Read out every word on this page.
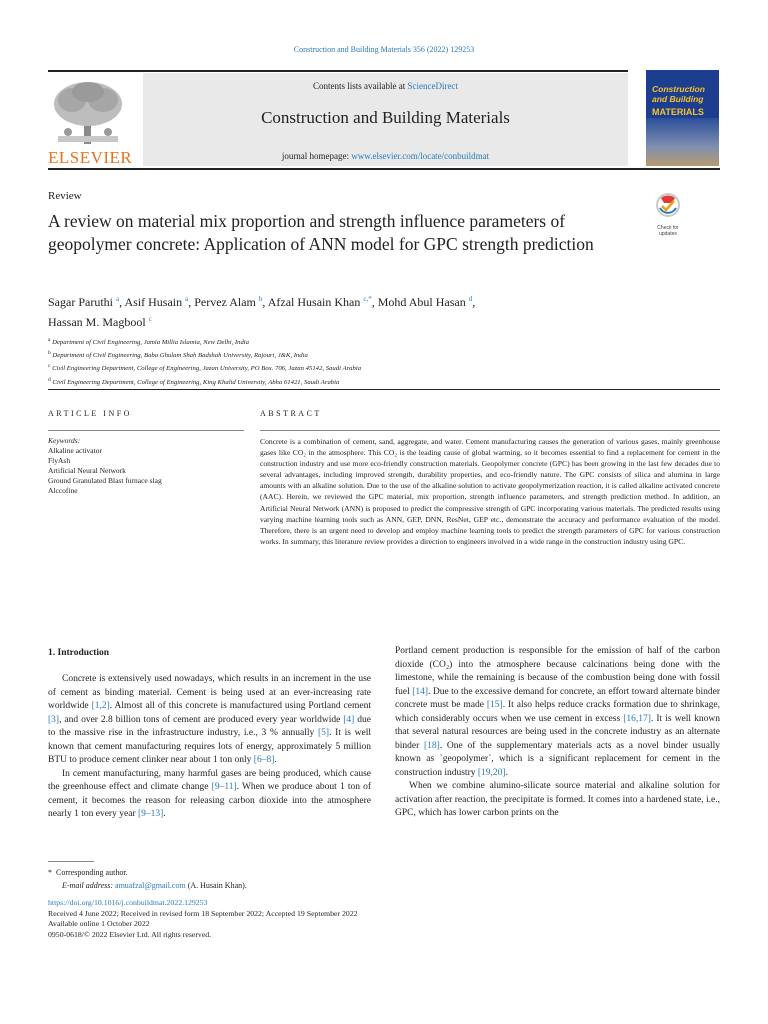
Construction and Building Materials 356 (2022) 129253
ELSEVIER
Contents lists available at ScienceDirect
Construction and Building Materials
journal homepage: www.elsevier.com/locate/conbuildmat
Construction
and Building
MATERIALS
Review
Check for
updates
A review on material mix proportion and strength influence parameters of geopolymer concrete: Application of ANN model for GPC strength prediction
Sagar Paruthi $^a$, Asif Husain $^a$, Pervez Alam $^b$, Afzal Husain Khan $^{c,*}$, Mohd Abul Hasan $^d$,
Hassan M. Magbool $^c$
$^a$ Department of Civil Engineering, Jamia Millia Islamia, New Delhi, India
$^b$ Department of Civil Engineering, Baba Ghulam Shah Badshah University, Rajouri, J&K, India
$^c$ Civil Engineering Department, College of Engineering, Jazan University, PO Box. 706, Jazan 45142, Saudi Arabia
$^d$ Civil Engineering Department, College of Engineering, King Khalid University, Abha 61421, Saudi Arabia
ARTICLE INFO	ABSTRACT
Keywords:
Alkaline activator
FlyAsh
Artificial Neural Network
Ground Granulated Blast furnace slag
Alccofine
Concrete is a combination of cement, sand, aggregate, and water. Cement manufacturing causes the generation of various gases, mainly greenhouse gases like CO₂ in the atmosphere. This CO₂ is the leading cause of global warming, so it becomes essential to find a replacement for cement in the construction industry and use more eco-friendly construction materials. Geopolymer concrete (GPC) has been growing in the last few decades due to several advantages, including improved strength, durability properties, and eco-friendly nature. The GPC consists of silica and alumina in large amounts with an alkaline solution. Due to the use of the alkaline solution to activate geopolymerization reaction, it is called alkaline activated concrete (AAC). Herein, we reviewed the GPC material, mix proportion, strength influence parameters, and strength prediction method. In addition, an Artificial Neural Network (ANN) is proposed to predict the compressive strength of GPC incorporating various materials. The predicted results using varying machine learning tools such as ANN, GEP, DNN, ResNet, GEP etc., demonstrate the accuracy and performance evaluation of the model. Therefore, there is an urgent need to develop and employ machine learning tools to predict the strength parameters of GPC for various construction works. In summary, this literature review provides a direction to engineers involved in a wide range in the construction industry using GPC.
1. Introduction

Concrete is extensively used nowadays, which results in an increment in the use of cement as binding material. Cement is being used at an ever-increasing rate worldwide [1,2]. Almost all of this concrete is manufactured using Portland cement [3], and over 2.8 billion tons of cement are produced every year worldwide [4] due to the massive rise in the infrastructure industry, i.e., 3 % annually [5]. It is well known that cement manufacturing requires lots of energy, approximately 5 million BTU to produce cement clinker near about 1 ton only [6–8].

In cement manufacturing, many harmful gases are being produced, which cause the greenhouse effect and climate change [9–11]. When we produce about 1 ton of cement, it becomes the reason for releasing carbon dioxide into the atmosphere nearly 1 ton every year [9–13].

Portland cement production is responsible for the emission of half of the carbon dioxide (CO₂) into the atmosphere because calcinations being done with the limestone, while the remaining is because of the combustion being done with fossil fuel [14]. Due to the excessive demand for concrete, an effort toward alternate binder concrete must be made [15]. It also helps reduce cracks formation due to shrinkage, which considerably occurs when we use cement in excess [16,17]. It is well known that several natural resources are being used in the concrete industry as an alternate binder [18]. One of the supplementary materials acts as a novel binder usually known as `geopolymer`, which is a significant replacement for cement in the construction industry [19,20].

When we combine alumino-silicate source material and alkaline solution for activation after reaction, the precipitate is formed. It comes into a hardened state, i.e., GPC, which has lower carbon prints on the

* Corresponding author.
E-mail address: amuafzal@gmail.com (A. Husain Khan).
https://doi.org/10.1016/j.conbuildmat.2022.129253
Received 4 June 2022; Received in revised form 18 September 2022; Accepted 19 September 2022
Available online 1 October 2022
0950-0618/© 2022 Elsevier Ltd. All rights reserved.
